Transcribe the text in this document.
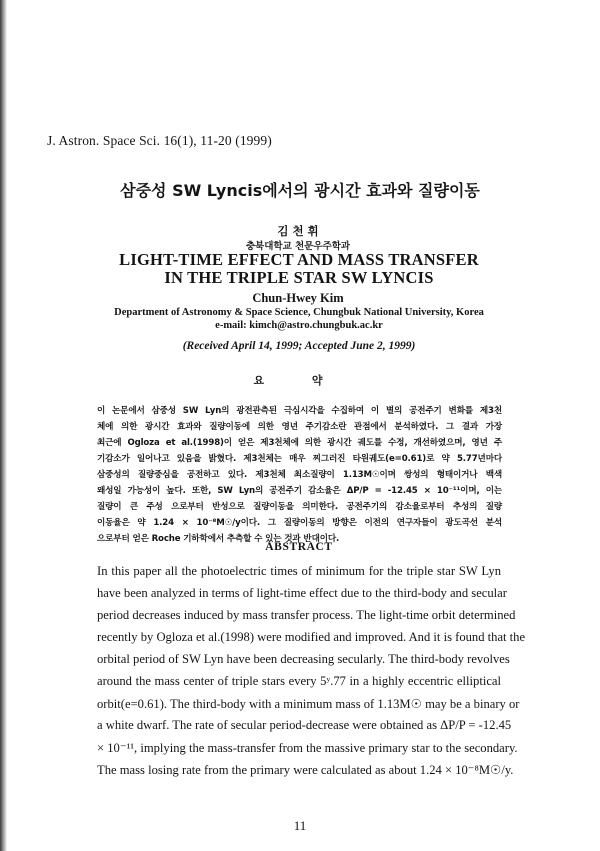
J. Astron. Space Sci. 16(1), 11-20 (1999)
삼중성 SW Lyncis에서의 광시간 효과와 질량이동
김 천 휘
충북대학교 천문우주학과
LIGHT-TIME EFFECT AND MASS TRANSFER
IN THE TRIPLE STAR SW LYNCIS
Chun-Hwey Kim
Department of Astronomy & Space Science, Chungbuk National University, Korea
e-mail: kimch@astro.chungbuk.ac.kr
(Received April 14, 1999; Accepted June 2, 1999)
요 약
이 논문에서 삼중성 SW Lyn의 광전관측된 극심시각을 수집하여 이 별의 공전주기 변화를 제3천
체에 의한 광시간 효과와 질량이동에 의한 영년 주기감소란 관점에서 분석하였다. 그 결과 가장
최근에 Ogloza et al.(1998)이 얻은 제3천체에 의한 광시간 궤도를 수정, 개선하였으며, 영년 주
기감소가 일어나고 있음을 밝혔다. 제3천체는 매우 찌그러진 타원궤도(e=0.61)로 약 5.77년마다
삼중성의 질량중심을 공전하고 있다. 제3천체 최소질량이 1.13M☉이며 쌍성의 형태이거나 백색
왜성일 가능성이 높다. 또한, SW Lyn의 공전주기 감소율은 ΔP/P = -12.45 × 10⁻¹¹이며, 이는
질량이 큰 주성 으로부터 반성으로 질량이동을 의미한다. 공전주기의 감소율로부터 추성의 질량
이동율은 약 1.24 × 10⁻⁸M☉/y이다. 그 질량이동의 방향은 이전의 연구자들이 광도곡선 분석
으로부터 얻은 Roche 기하학에서 추측할 수 있는 것과 반대이다.
ABSTRACT
In this paper all the photoelectric times of minimum for the triple star SW Lyn
have been analyzed in terms of light-time effect due to the third-body and secular
period decreases induced by mass transfer process. The light-time orbit determined
recently by Ogloza et al.(1998) were modified and improved. And it is found that the
orbital period of SW Lyn have been decreasing secularly. The third-body revolves
around the mass center of triple stars every 5ʸ.77 in a highly eccentric elliptical
orbit(e=0.61). The third-body with a minimum mass of 1.13M☉ may be a binary or
a white dwarf. The rate of secular period-decrease were obtained as ΔP/P = -12.45
× 10⁻¹¹, implying the mass-transfer from the massive primary star to the secondary.
The mass losing rate from the primary were calculated as about 1.24 × 10⁻⁸M☉/y.
11
